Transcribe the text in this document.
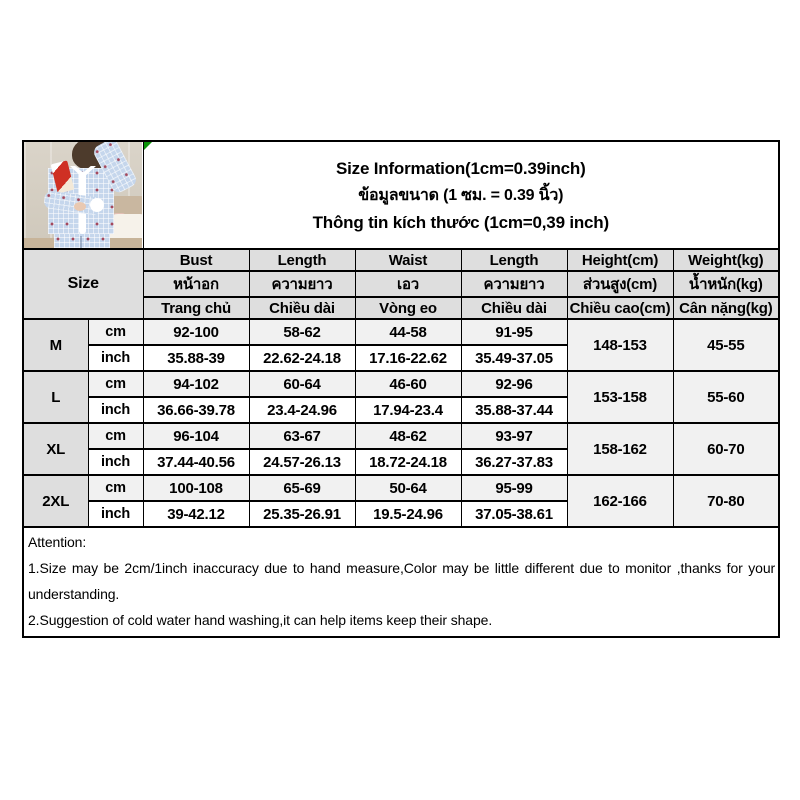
		Size Information(1cm=0.39inch)
ข้อมูลขนาด (1 ซม. = 0.39 นิ้ว)
Thông tin kích thước (1cm=0,39 inch)					

Size		Bust	Length	Waist	Length	Height(cm)	Weight(kg)
		หน้าอก	ความยาว	เอว	ความยาว	ส่วนสูง(cm)	น้ำหนัก(kg)
		Trang chủ	Chiều dài	Vòng eo	Chiều dài	Chiều cao(cm)	Cân nặng(kg)
M	cm	92-100	58-62	44-58	91-95	148-153	45-55
	inch	35.88-39	22.62-24.18	17.16-22.62	35.49-37.05		
L	cm	94-102	60-64	46-60	92-96	153-158	55-60
	inch	36.66-39.78	23.4-24.96	17.94-23.4	35.88-37.44		
XL	cm	96-104	63-67	48-62	93-97	158-162	60-70
	inch	37.44-40.56	24.57-26.13	18.72-24.18	36.27-37.83		
2XL	cm	100-108	65-69	50-64	95-99	162-166	70-80
	inch	39-42.12	25.35-26.91	19.5-24.96	37.05-38.61		

Attention:
1.Size may be 2cm/1inch inaccuracy due to hand measure,Color may be little different due to monitor ,thanks for your understanding.
2.Suggestion of cold water hand washing,it can help items keep their shape.							
